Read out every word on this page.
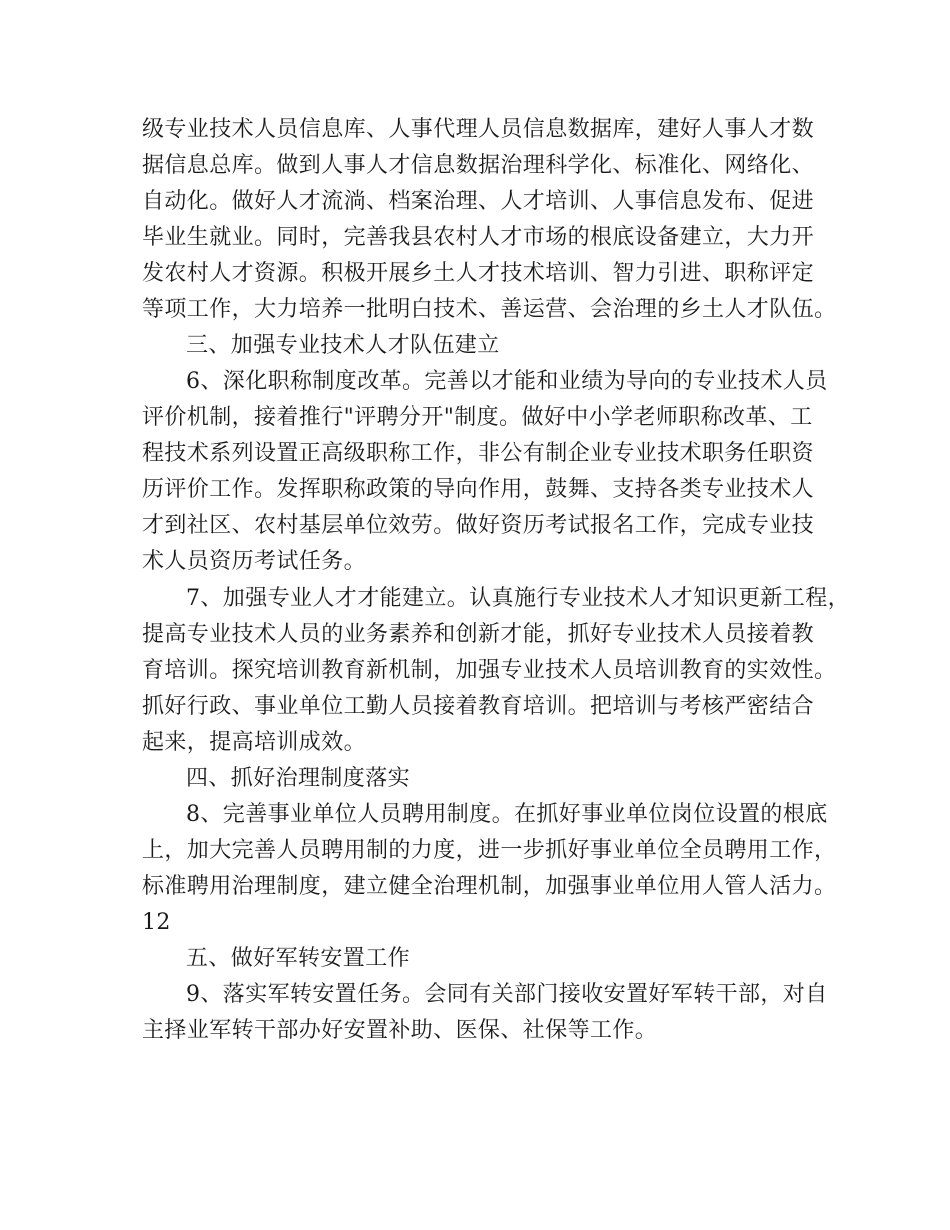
级专业技术人员信息库、人事代理人员信息数据库，建好人事人才数
据信息总库。做到人事人才信息数据治理科学化、标准化、网络化、
自动化。做好人才流淌、档案治理、人才培训、人事信息发布、促进
毕业生就业。同时，完善我县农村人才市场的根底设备建立，大力开
发农村人才资源。积极开展乡土人才技术培训、智力引进、职称评定
等项工作，大力培养一批明白技术、善运营、会治理的乡土人才队伍。
三、加强专业技术人才队伍建立
6、深化职称制度改革。完善以才能和业绩为导向的专业技术人员
评价机制，接着推行"评聘分开"制度。做好中小学老师职称改革、工
程技术系列设置正高级职称工作，非公有制企业专业技术职务任职资
历评价工作。发挥职称政策的导向作用，鼓舞、支持各类专业技术人
才到社区、农村基层单位效劳。做好资历考试报名工作，完成专业技
术人员资历考试任务。
7、加强专业人才才能建立。认真施行专业技术人才知识更新工程，
提高专业技术人员的业务素养和创新才能，抓好专业技术人员接着教
育培训。探究培训教育新机制，加强专业技术人员培训教育的实效性。
抓好行政、事业单位工勤人员接着教育培训。把培训与考核严密结合
起来，提高培训成效。
四、抓好治理制度落实
8、完善事业单位人员聘用制度。在抓好事业单位岗位设置的根底
上，加大完善人员聘用制的力度，进一步抓好事业单位全员聘用工作，
标准聘用治理制度，建立健全治理机制，加强事业单位用人管人活力。
12
五、做好军转安置工作
9、落实军转安置任务。会同有关部门接收安置好军转干部，对自
主择业军转干部办好安置补助、医保、社保等工作。
